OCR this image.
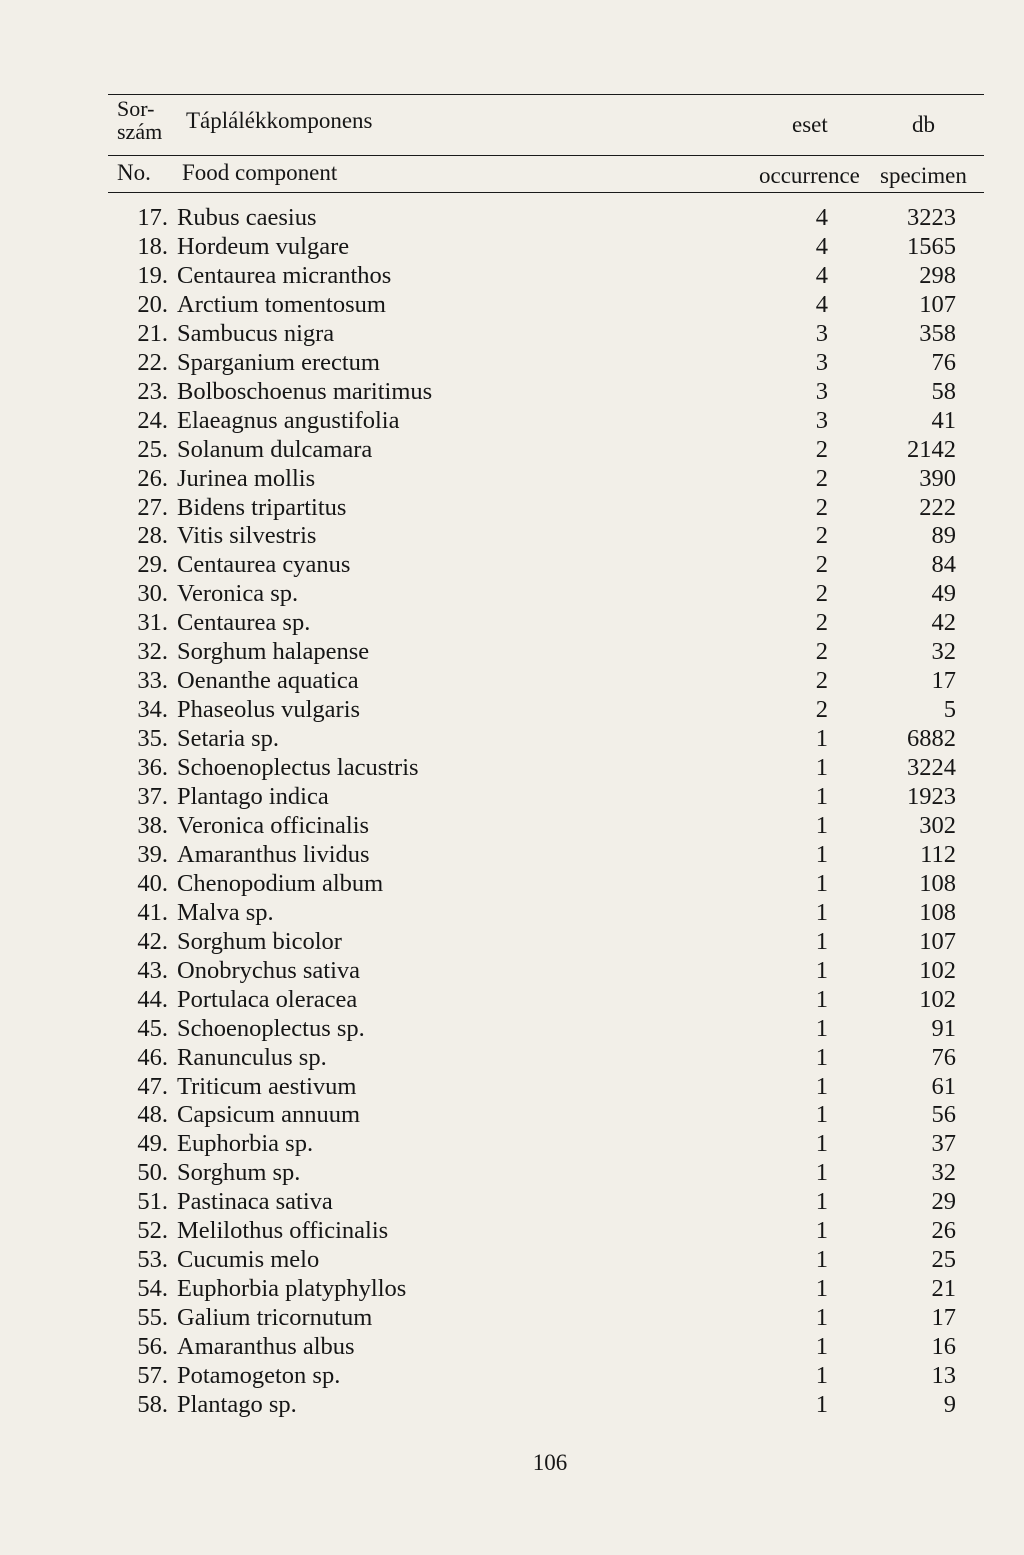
Sor-
szám Táplálékkomponens	eset	db
No. Food component	occurrence specimen
17. Rubus caesius	4	3223
18. Hordeum vulgare	4	1565
19. Centaurea micranthos	4	298
20. Arctium tomentosum	4	107
21. Sambucus nigra	3	358
22. Sparganium erectum	3	76
23. Bolboschoenus maritimus	3	58
24. Elaeagnus angustifolia	3	41
25. Solanum dulcamara	2	2142
26. Jurinea mollis	2	390
27. Bidens tripartitus	2	222
28. Vitis silvestris	2	89
29. Centaurea cyanus	2	84
30. Veronica sp.	2	49
31. Centaurea sp.	2	42
32. Sorghum halapense	2	32
33. Oenanthe aquatica	2	17
34. Phaseolus vulgaris	2	5
35. Setaria sp.	1	6882
36. Schoenoplectus lacustris	1	3224
37. Plantago indica	1	1923
38. Veronica officinalis	1	302
39. Amaranthus lividus	1	112
40. Chenopodium album	1	108
41. Malva sp.	1	108
42. Sorghum bicolor	1	107
43. Onobrychus sativa	1	102
44. Portulaca oleracea	1	102
45. Schoenoplectus sp.	1	91
46. Ranunculus sp.	1	76
47. Triticum aestivum	1	61
48. Capsicum annuum	1	56
49. Euphorbia sp.	1	37
50. Sorghum sp.	1	32
51. Pastinaca sativa	1	29
52. Melilothus officinalis	1	26
53. Cucumis melo	1	25
54. Euphorbia platyphyllos	1	21
55. Galium tricornutum	1	17
56. Amaranthus albus	1	16
57. Potamogeton sp.	1	13
58. Plantago sp.	1	9
106
